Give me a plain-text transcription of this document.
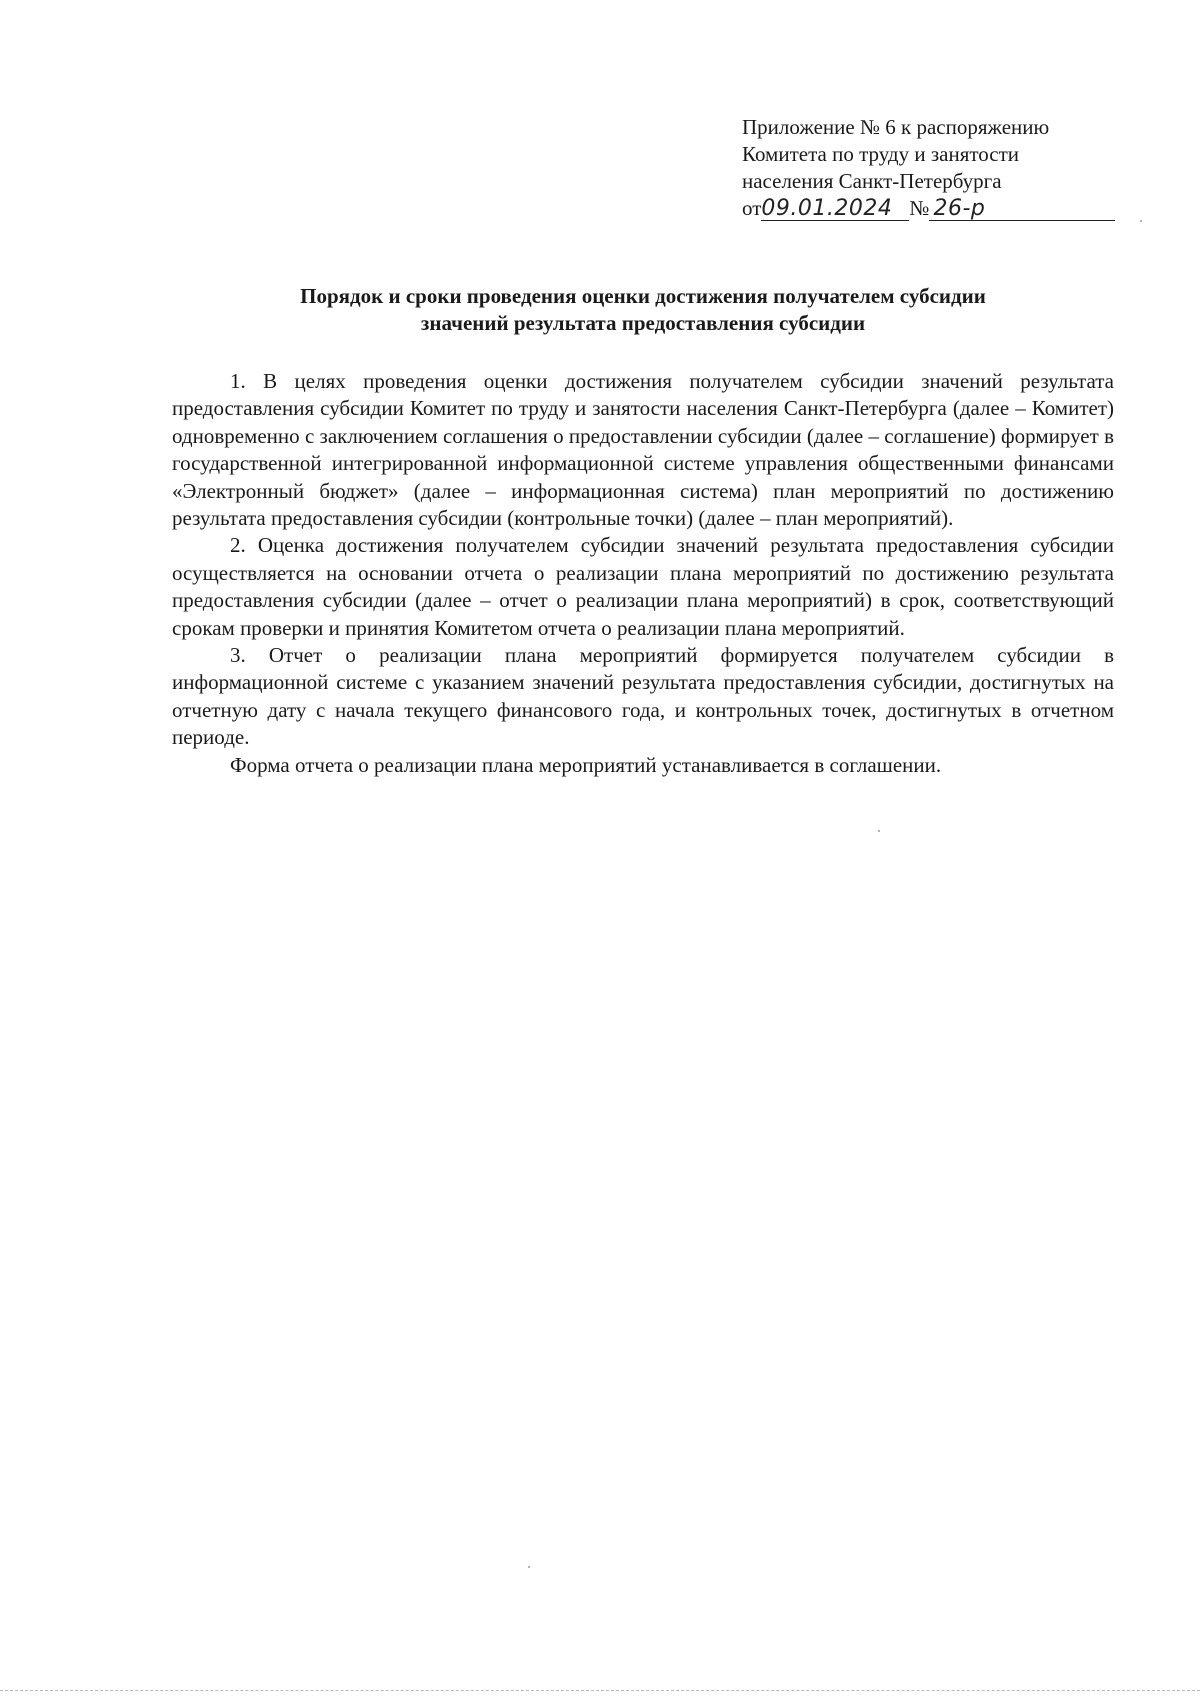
Приложение № 6 к распоряжению
Комитета по труду и занятости
населения Санкт-Петербурга
от09.01.2024 № 26-р
Порядок и сроки проведения оценки достижения получателем субсидии
значений результата предоставления субсидии

1. В целях проведения оценки достижения получателем субсидии значений результата предоставления субсидии Комитет по труду и занятости населения Санкт-Петербурга (далее – Комитет) одновременно с заключением соглашения о предоставлении субсидии (далее – соглашение) формирует в государственной интегрированной информационной системе управления общественными финансами «Электронный бюджет» (далее – информационная система) план мероприятий по достижению результата предоставления субсидии (контрольные точки) (далее – план мероприятий).

2. Оценка достижения получателем субсидии значений результата предоставления субсидии осуществляется на основании отчета о реализации плана мероприятий по достижению результата предоставления субсидии (далее – отчет о реализации плана мероприятий) в срок, соответствующий срокам проверки и принятия Комитетом отчета о реализации плана мероприятий.

3. Отчет о реализации плана мероприятий формируется получателем субсидии в информационной системе с указанием значений результата предоставления субсидии, достигнутых на отчетную дату с начала текущего финансового года, и контрольных точек, достигнутых в отчетном периоде.

Форма отчета о реализации плана мероприятий устанавливается в соглашении.
